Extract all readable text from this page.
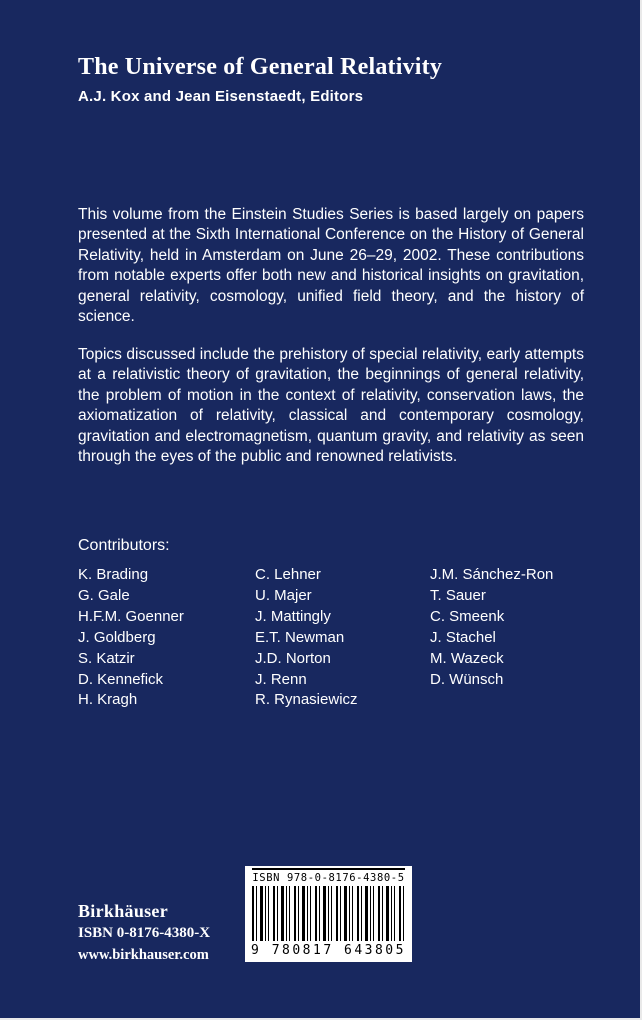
The Universe of General Relativity
A.J. Kox and Jean Eisenstaedt, Editors

This volume from the Einstein Studies Series is based largely on papers presented at the Sixth International Conference on the History of General Relativity, held in Amsterdam on June 26–29, 2002. These contributions from notable experts offer both new and historical insights on gravitation, general relativity, cosmology, unified field theory, and the history of science.

Topics discussed include the prehistory of special relativity, early attempts at a relativistic theory of gravitation, the beginnings of general relativity, the problem of motion in the context of relativity, conservation laws, the axiomatization of relativity, classical and contemporary cosmology, gravitation and electromagnetism, quantum gravity, and relativity as seen through the eyes of the public and renowned relativists.

Contributors:
K. Brading
G. Gale
H.F.M. Goenner
J. Goldberg
S. Katzir
D. Kennefick
H. Kragh
C. Lehner
U. Majer
J. Mattingly
E.T. Newman
J.D. Norton
J. Renn
R. Rynasiewicz
J.M. Sánchez-Ron
T. Sauer
C. Smeenk
J. Stachel
M. Wazeck
D. Wünsch
Birkhäuser
ISBN 0-8176-4380-X
www.birkhauser.com
ISBN 978-0-8176-4380-5
9 780817 643805
